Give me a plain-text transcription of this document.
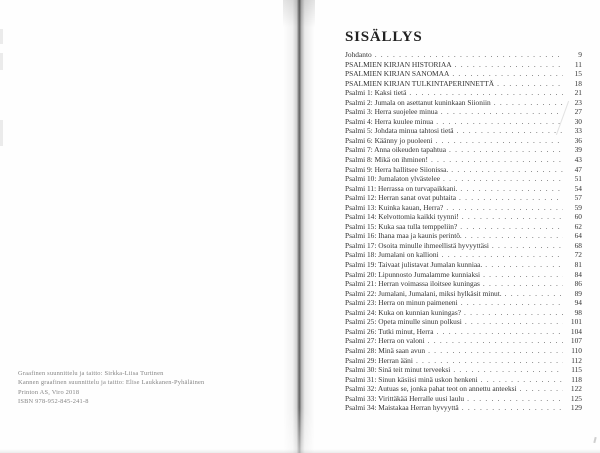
Graafinen suunnittelu ja taitto: Sirkka-Liisa Turtinen
Kannen graafinen suunnittelu ja taitto: Elise Laukkanen-Pyhäläinen
Printon AS, Viro 2018
ISBN 978-952-845-241-8
SISÄLLYS
Johdanto . . .	9
PSALMIEN KIRJAN HISTORIAA . . .	11
PSALMIEN KIRJAN SANOMAA . . .	15
PSALMIEN KIRJAN TULKINTAPERINNETTÄ . . .	18
Psalmi 1: Kaksi tietä . . .	21
Psalmi 2: Jumala on asettanut kuninkaan Siioniin . . .	23
Psalmi 3: Herra suojelee minua . . .	27
Psalmi 4: Herra kuulee minua . . .	30
Psalmi 5: Johdata minua tahtosi tietä . . .	33
Psalmi 6: Käänny jo puoleeni . . .	36
Psalmi 7: Anna oikeuden tapahtua . . .	39
Psalmi 8: Mikä on ihminen! . . .	43
Psalmi 9: Herra hallitsee Siionissa. . . .	47
Psalmi 10: Jumalaton ylvästelee . . .	51
Psalmi 11: Herrassa on turvapaikkani. . . .	54
Psalmi 12: Herran sanat ovat puhtaita . . .	57
Psalmi 13: Kuinka kauan, Herra? . . .	59
Psalmi 14: Kelvottomia kaikki tyynni! . . .	60
Psalmi 15: Kuka saa tulla temppeliin? . . .	62
Psalmi 16: Ihana maa ja kaunis perintö. . . .	64
Psalmi 17: Osoita minulle ihmeellistä hyvyyttäsi . . .	68
Psalmi 18: Jumalani on kallioni . . .	72
Psalmi 19: Taivaat julistavat Jumalan kunniaa. . . .	81
Psalmi 20: Lipunnosto Jumalamme kunniaksi . . .	84
Psalmi 21: Herran voimassa iloitsee kuningas . . .	86
Psalmi 22: Jumalani, Jumalani, miksi hylkäsit minut. . . .	89
Psalmi 23: Herra on minun paimeneni . . .	94
Psalmi 24: Kuka on kunnian kuningas? . . .	98
Psalmi 25: Opeta minulle sinun polkusi . . .	101
Psalmi 26: Tutki minut, Herra . . .	104
Psalmi 27: Herra on valoni . . .	107
Psalmi 28: Minä saan avun . . .	110
Psalmi 29: Herran ääni . . .	112
Psalmi 30: Sinä teit minut terveeksi . . .	115
Psalmi 31: Sinun käsiisi minä uskon henkeni . . .	118
Psalmi 32: Autuas se, jonka pahat teot on annettu anteeksi . . .	122
Psalmi 33: Virittäkää Herralle uusi laulu . . .	125
Psalmi 34: Maistakaa Herran hyvyyttä . . .	129
